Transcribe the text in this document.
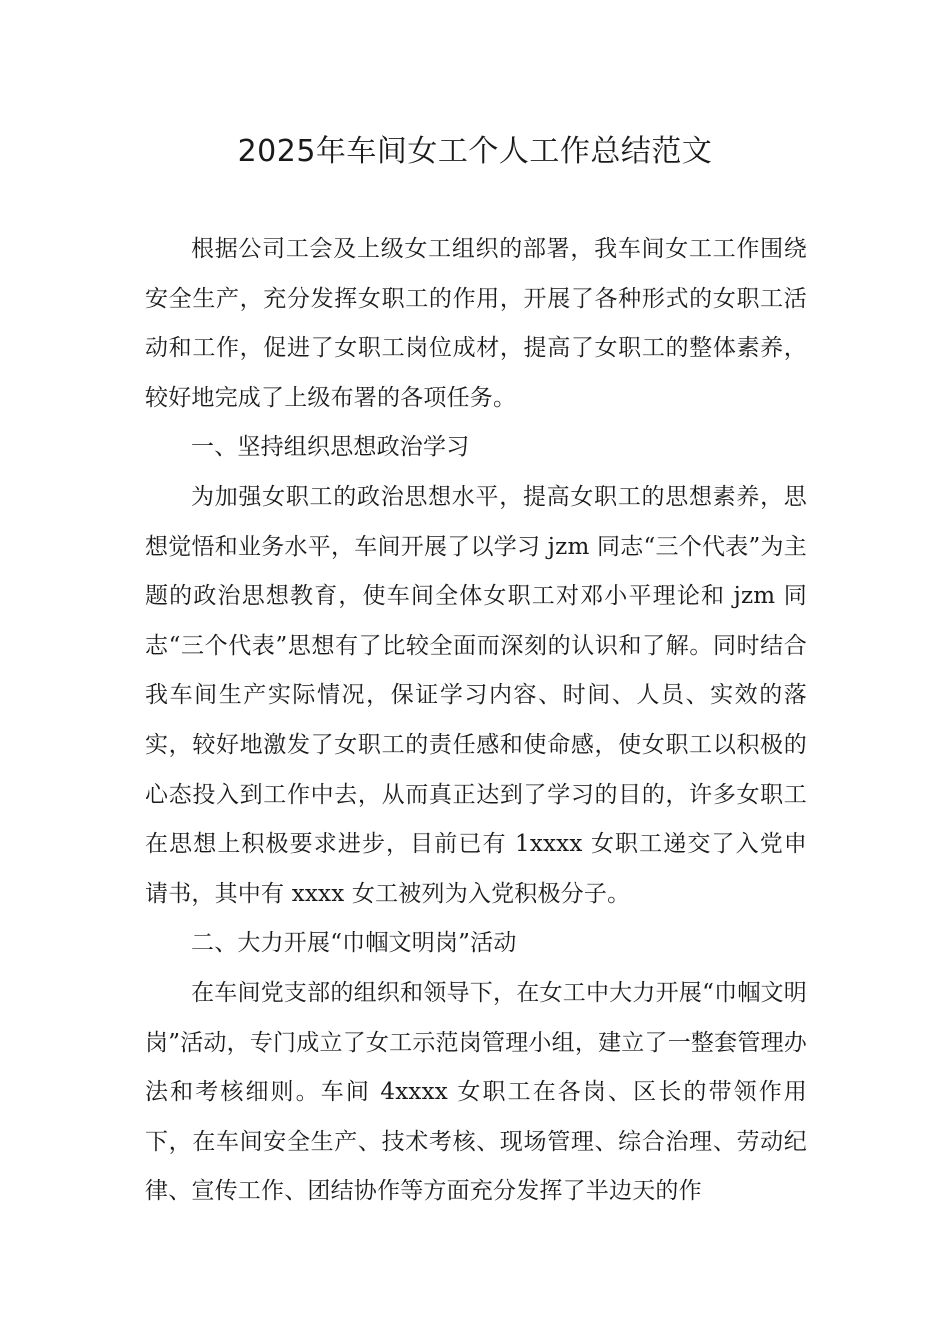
2025年车间女工个人工作总结范文

根据公司工会及上级女工组织的部署，我车间女工工作围绕安全生产，充分发挥女职工的作用，开展了各种形式的女职工活动和工作，促进了女职工岗位成材，提高了女职工的整体素养，较好地完成了上级布署的各项任务。

一、坚持组织思想政治学习

为加强女职工的政治思想水平，提高女职工的思想素养，思想觉悟和业务水平，车间开展了以学习 jzm 同志“三个代表”为主题的政治思想教育，使车间全体女职工对邓小平理论和 jzm 同志“三个代表”思想有了比较全面而深刻的认识和了解。同时结合我车间生产实际情况，保证学习内容、时间、人员、实效的落实，较好地激发了女职工的责任感和使命感，使女职工以积极的心态投入到工作中去，从而真正达到了学习的目的，许多女职工在思想上积极要求进步，目前已有 1xxxx 女职工递交了入党申请书，其中有 xxxx 女工被列为入党积极分子。

二、大力开展“巾帼文明岗”活动

在车间党支部的组织和领导下，在女工中大力开展“巾帼文明岗”活动，专门成立了女工示范岗管理小组，建立了一整套管理办法和考核细则。车间 4xxxx 女职工在各岗、区长的带领作用下，在车间安全生产、技术考核、现场管理、综合治理、劳动纪律、宣传工作、团结协作等方面充分发挥了半边天的作
